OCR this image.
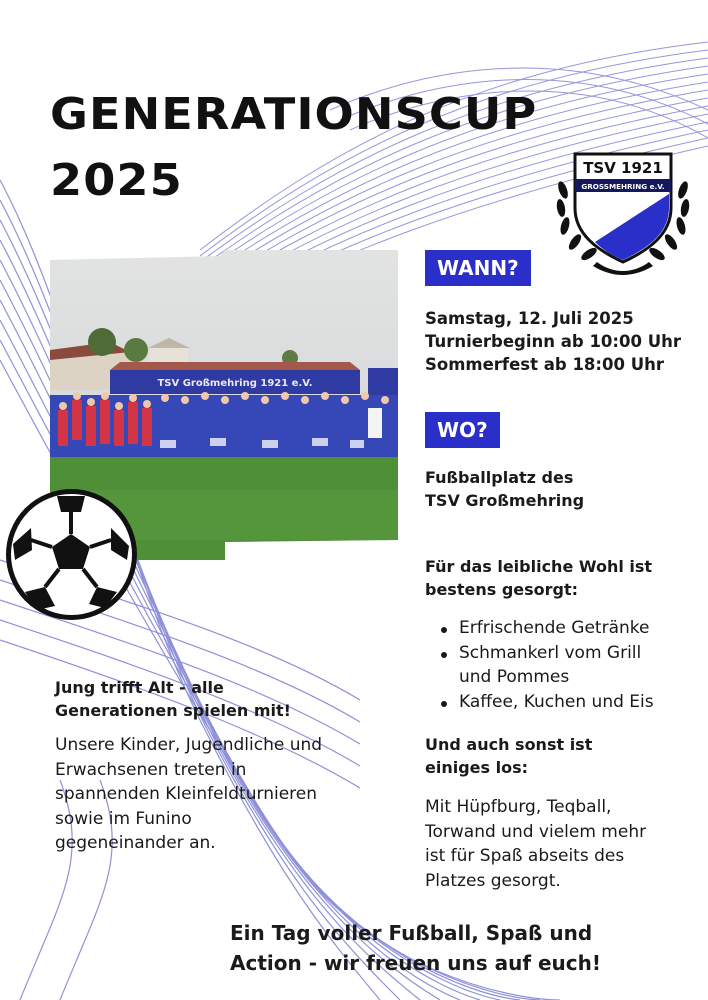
GENERATIONSCUP
2025	TSV 1921
GROSSMEHRING e.V.
TSV Großmehring 1921 e.V.
WANN?
Samstag, 12. Juli 2025
Turnierbeginn ab 10:00 Uhr
Sommerfest ab 18:00 Uhr
WO?
Fußballplatz des
TSV Großmehring
Für das leibliche Wohl ist
bestens gesorgt:
Erfrischende Getränke
Schmankerl vom Grill
und Pommes
Kaffee, Kuchen und Eis
Und auch sonst ist
einiges los:
Mit Hüpfburg, Teqball,
Torwand und vielem mehr
ist für Spaß abseits des
Platzes gesorgt.
Jung trifft Alt - alle
Generationen spielen mit!
Unsere Kinder, Jugendliche und
Erwachsenen treten in
spannenden Kleinfeldturnieren
sowie im Funino
gegeneinander an.
Ein Tag voller Fußball, Spaß und
Action - wir freuen uns auf euch!
